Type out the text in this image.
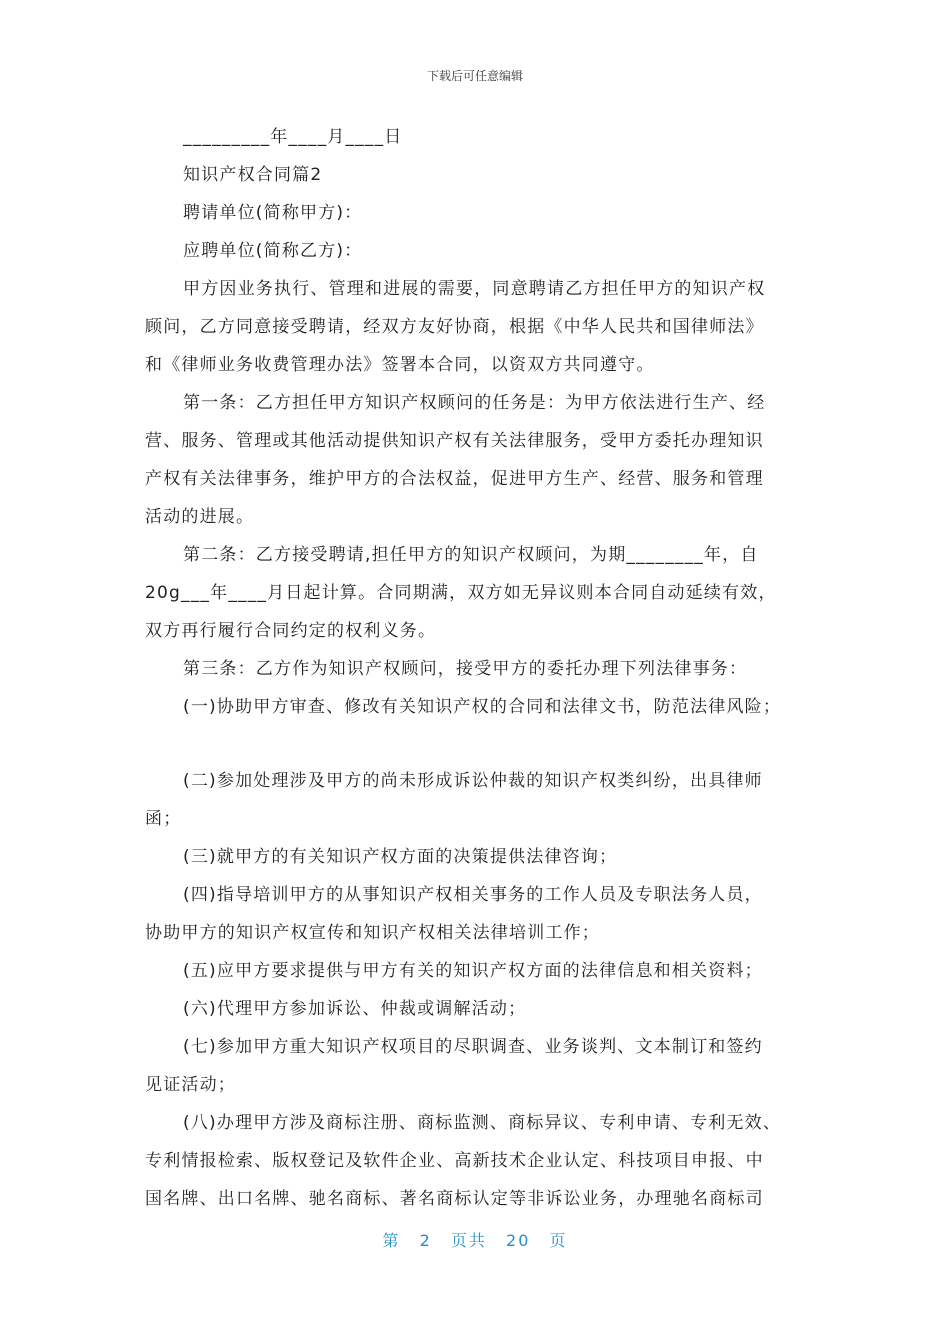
下载后可任意编辑
_________年____月____日
知识产权合同篇2
聘请单位(简称甲方)：
应聘单位(简称乙方)：
甲方因业务执行、管理和进展的需要，同意聘请乙方担任甲方的知识产权
顾问，乙方同意接受聘请，经双方友好协商，根据《中华人民共和国律师法》
和《律师业务收费管理办法》签署本合同，以资双方共同遵守。
第一条：乙方担任甲方知识产权顾问的任务是：为甲方依法进行生产、经
营、服务、管理或其他活动提供知识产权有关法律服务，受甲方委托办理知识
产权有关法律事务，维护甲方的合法权益，促进甲方生产、经营、服务和管理
活动的进展。
第二条：乙方接受聘请,担任甲方的知识产权顾问，为期________年，自
20g___年____月日起计算。合同期满，双方如无异议则本合同自动延续有效，
双方再行履行合同约定的权利义务。
第三条：乙方作为知识产权顾问，接受甲方的委托办理下列法律事务：
(一)协助甲方审查、修改有关知识产权的合同和法律文书，防范法律风险；
(二)参加处理涉及甲方的尚未形成诉讼仲裁的知识产权类纠纷，出具律师
函；
(三)就甲方的有关知识产权方面的决策提供法律咨询；
(四)指导培训甲方的从事知识产权相关事务的工作人员及专职法务人员，
协助甲方的知识产权宣传和知识产权相关法律培训工作；
(五)应甲方要求提供与甲方有关的知识产权方面的法律信息和相关资料；
(六)代理甲方参加诉讼、仲裁或调解活动；
(七)参加甲方重大知识产权项目的尽职调查、业务谈判、文本制订和签约
见证活动；
(八)办理甲方涉及商标注册、商标监测、商标异议、专利申请、专利无效、
专利情报检索、版权登记及软件企业、高新技术企业认定、科技项目申报、中
国名牌、出口名牌、驰名商标、著名商标认定等非诉讼业务，办理驰名商标司
第 2 页共 20 页
